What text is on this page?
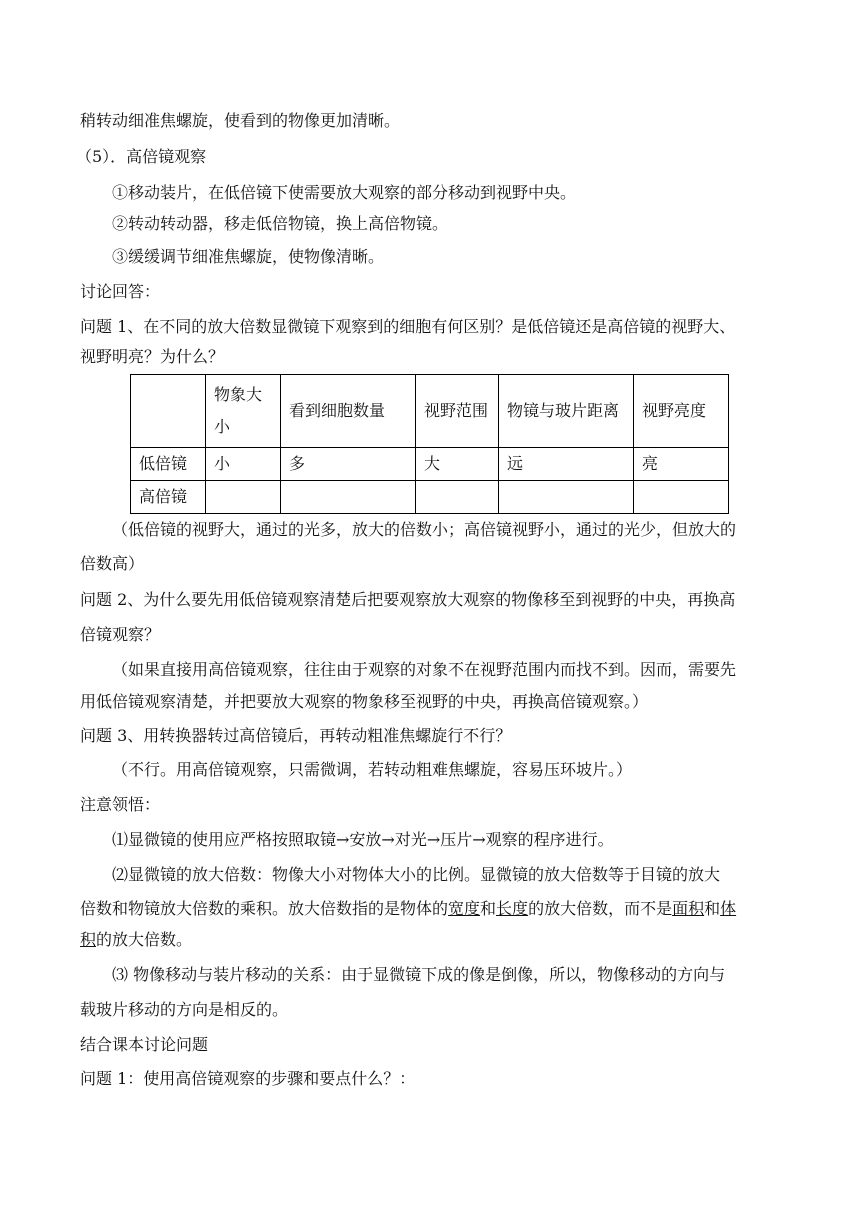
稍转动细准焦螺旋，使看到的物像更加清晰。
（5）．高倍镜观察
①移动装片，在低倍镜下使需要放大观察的部分移动到视野中央。
②转动转动器，移走低倍物镜，换上高倍物镜。
③缓缓调节细准焦螺旋，使物像清晰。
讨论回答：
问题 1、在不同的放大倍数显微镜下观察到的细胞有何区别？是低倍镜还是高倍镜的视野大、
视野明亮？为什么？
	物象大小	看到细胞数量	视野范围	物镜与玻片距离	视野亮度
低倍镜	小	多	大	远	亮
高倍镜					
（低倍镜的视野大，通过的光多，放大的倍数小；高倍镜视野小，通过的光少，但放大的
倍数高）
问题 2、为什么要先用低倍镜观察清楚后把要观察放大观察的物像移至到视野的中央，再换高
倍镜观察？
（如果直接用高倍镜观察，往往由于观察的对象不在视野范围内而找不到。因而，需要先
用低倍镜观察清楚，并把要放大观察的物象移至视野的中央，再换高倍镜观察。）
问题 3、用转换器转过高倍镜后，再转动粗准焦螺旋行不行？
（不行。用高倍镜观察，只需微调，若转动粗难焦螺旋，容易压环坡片。）
注意领悟：
⑴显微镜的使用应严格按照取镜→安放→对光→压片→观察的程序进行。
⑵显微镜的放大倍数：物像大小对物体大小的比例。显微镜的放大倍数等于目镜的放大
倍数和物镜放大倍数的乘积。放大倍数指的是物体的宽度和长度的放大倍数，而不是面积和体
积的放大倍数。
⑶ 物像移动与装片移动的关系：由于显微镜下成的像是倒像，所以，物像移动的方向与
载玻片移动的方向是相反的。
结合课本讨论问题
问题 1：使用高倍镜观察的步骤和要点什么？：
